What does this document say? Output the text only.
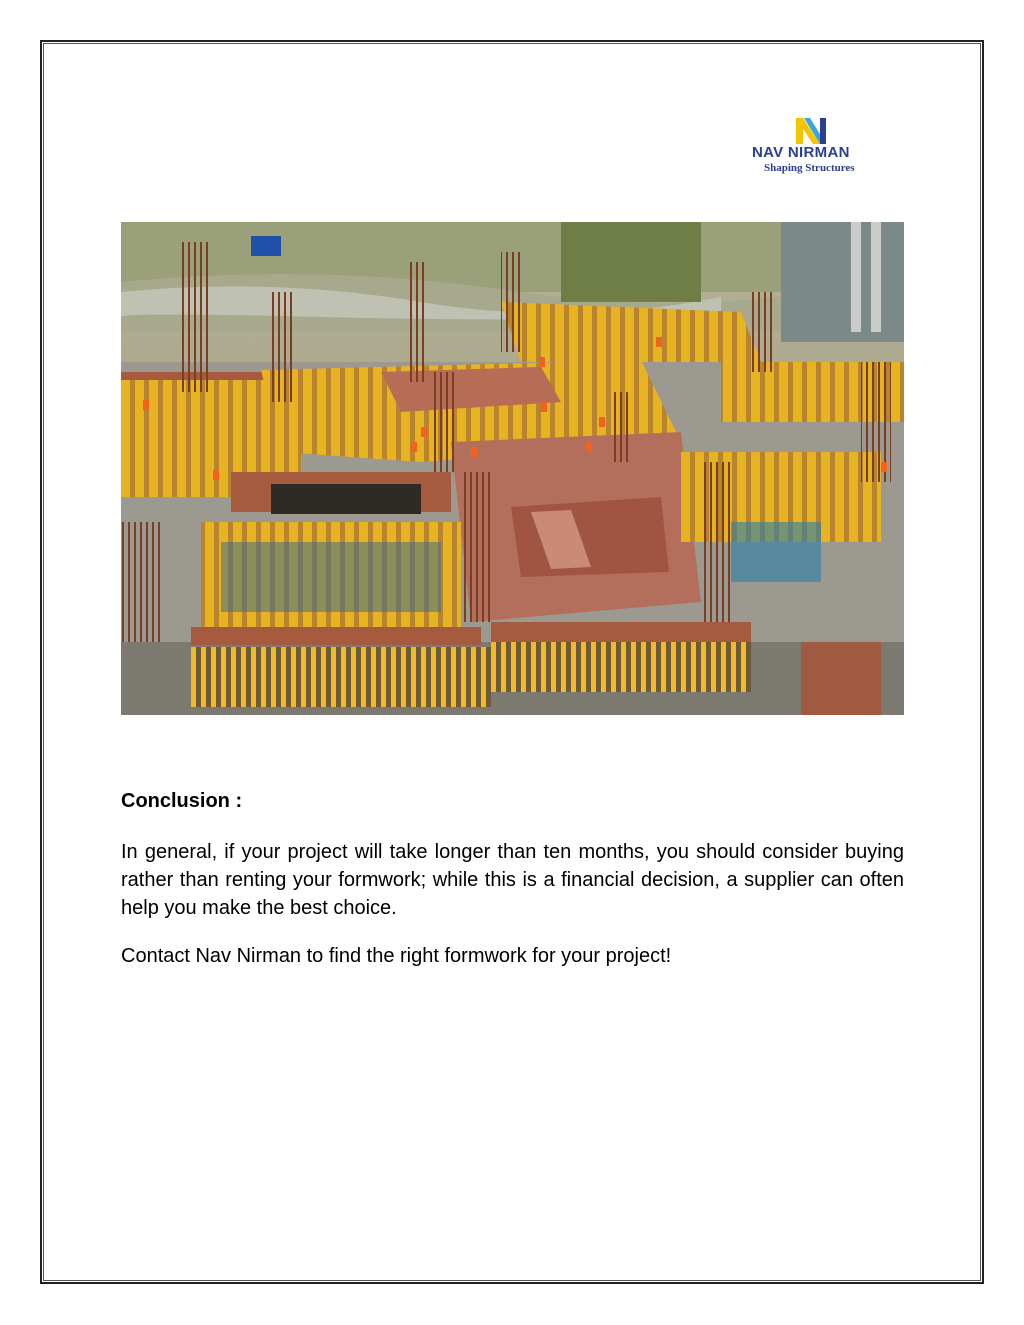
NAV NIRMAN
Shaping Structures
Conclusion :

In general, if your project will take longer than ten months, you should consider buying rather than renting your formwork; while this is a financial decision, a supplier can often help you make the best choice.

Contact Nav Nirman to find the right formwork for your project!
